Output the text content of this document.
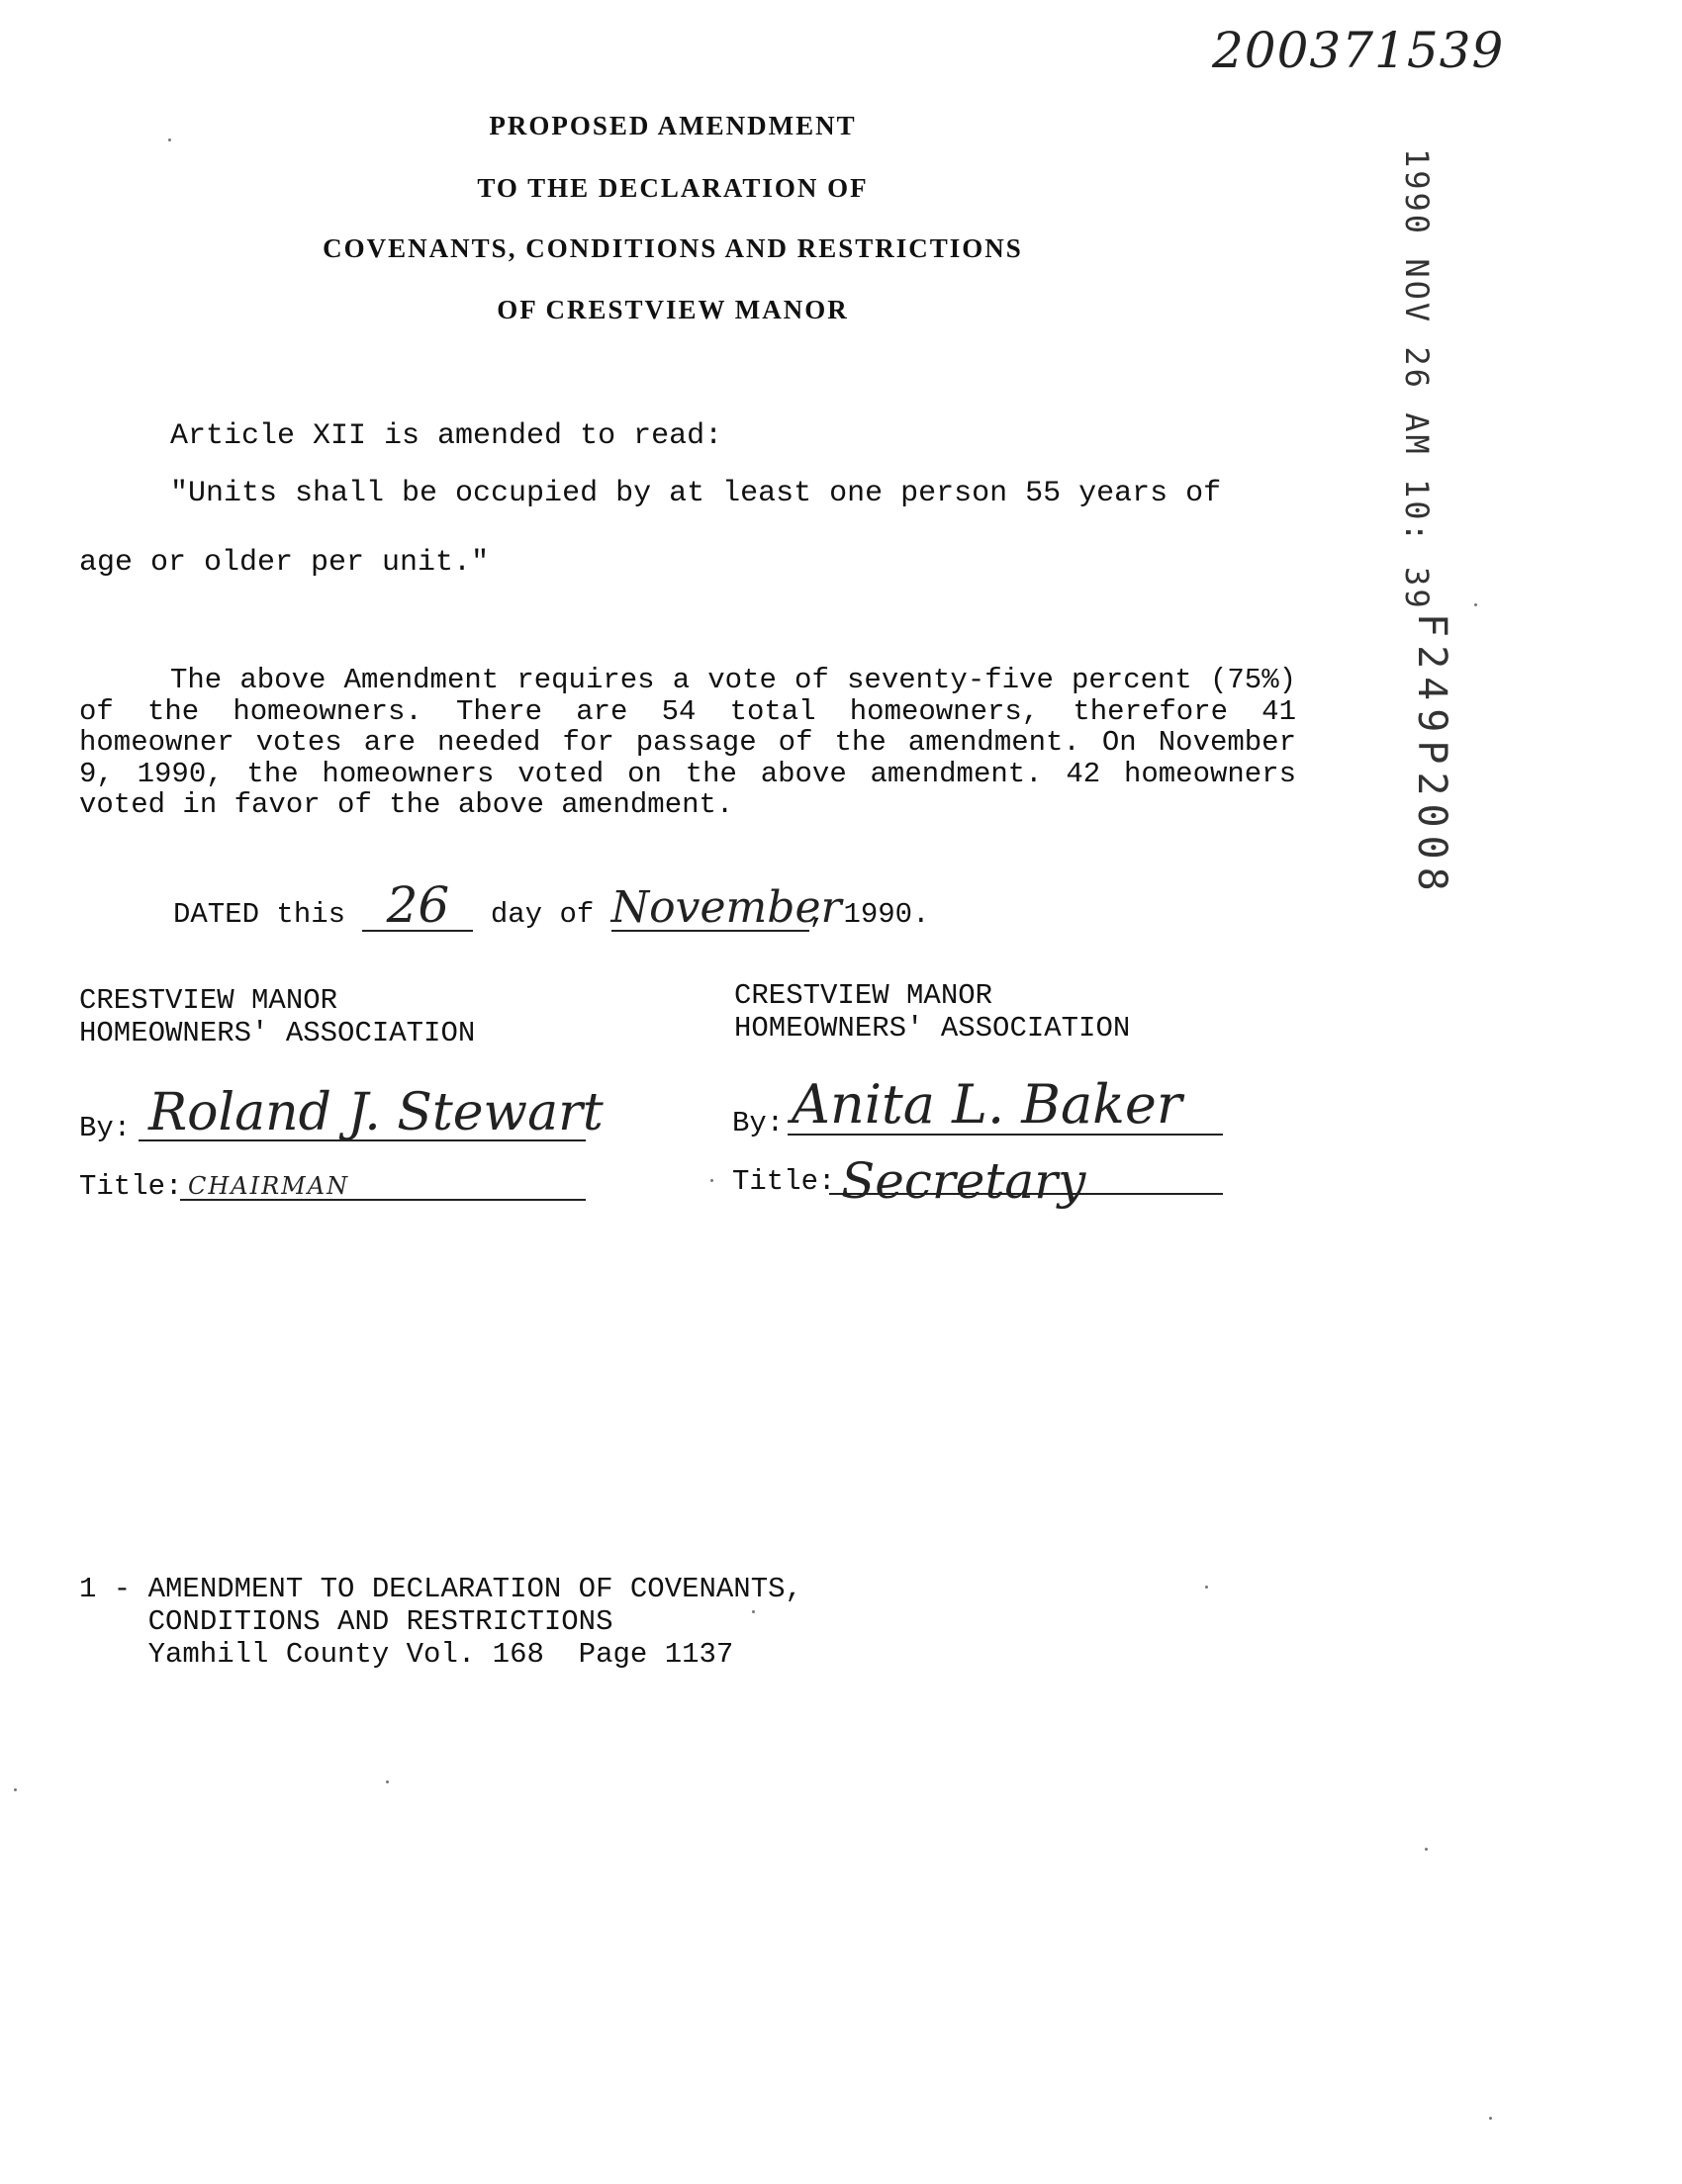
200371539
PROPOSED AMENDMENT
TO THE DECLARATION OF
COVENANTS, CONDITIONS AND RESTRICTIONS
OF CRESTVIEW MANOR	1990 NOV 26 AM 10: 39
F249P2008
Article XII is amended to read:
"Units shall be occupied by at least one person 55 years of
age or older per unit."
The above Amendment requires a vote of seventy-five percent (75%) of the homeowners. There are 54 total homeowners, therefore 41 homeowner votes are needed for passage of the amendment. On November 9, 1990, the homeowners voted on the above amendment. 42 homeowners voted in favor of the above amendment.
DATED this 26 day of November, 1990.
CRESTVIEW MANOR
HOMEOWNERS' ASSOCIATION
CRESTVIEW MANOR
HOMEOWNERS' ASSOCIATION
By: Roland J. Stewart
Title: CHAIRMAN
By: Anita L. Baker
Title: Secretary
1 - AMENDMENT TO DECLARATION OF COVENANTS,
CONDITIONS AND RESTRICTIONS
Yamhill County Vol. 168  Page 1137
